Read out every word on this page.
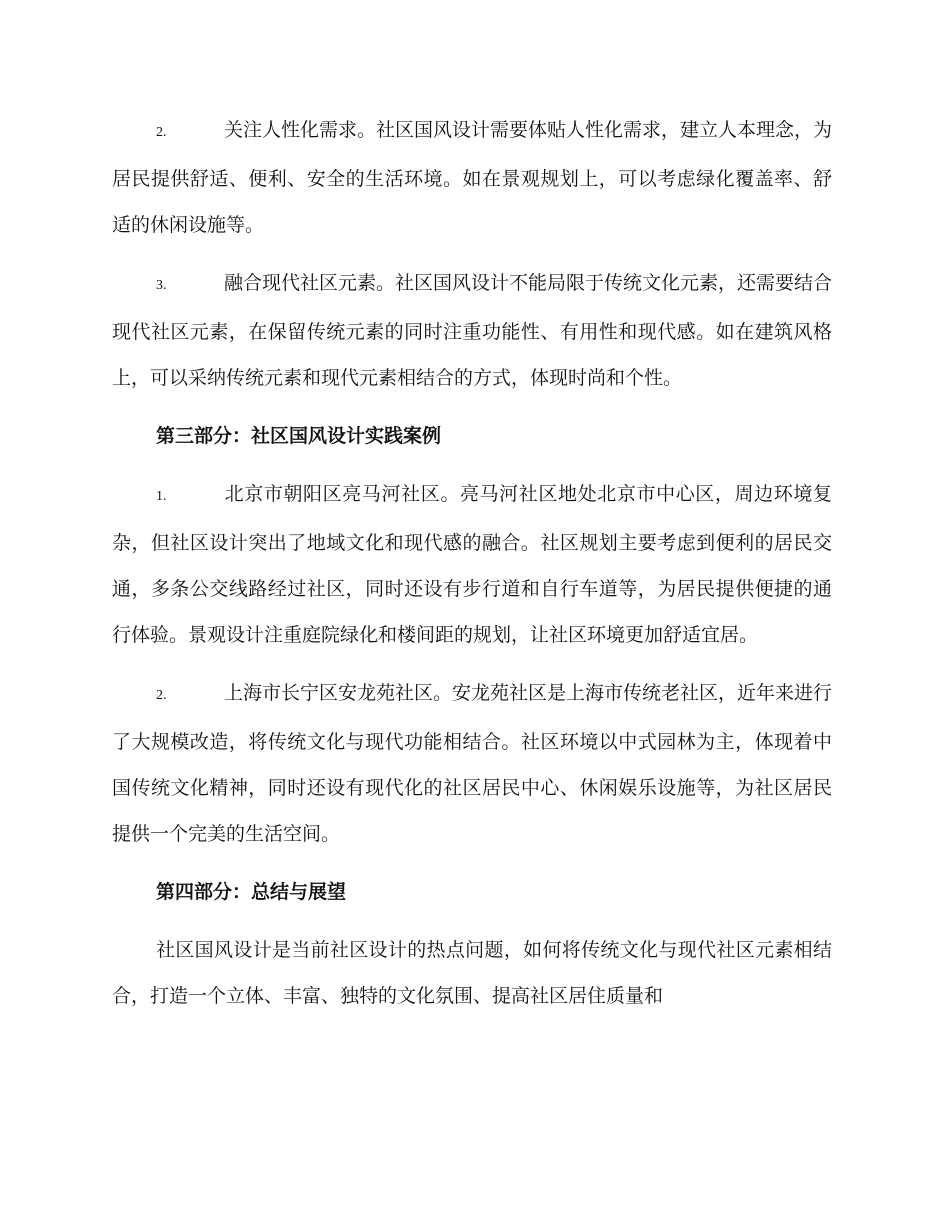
2.	关注人性化需求。社区国风设计需要体贴人性化需求，建立人本理念，为居民提供舒适、便利、安全的生活环境。如在景观规划上，可以考虑绿化覆盖率、舒适的休闲设施等。

3.	融合现代社区元素。社区国风设计不能局限于传统文化元素，还需要结合现代社区元素，在保留传统元素的同时注重功能性、有用性和现代感。如在建筑风格上，可以采纳传统元素和现代元素相结合的方式，体现时尚和个性。

第三部分：社区国风设计实践案例

1.	北京市朝阳区亮马河社区。亮马河社区地处北京市中心区，周边环境复杂，但社区设计突出了地域文化和现代感的融合。社区规划主要考虑到便利的居民交通，多条公交线路经过社区，同时还设有步行道和自行车道等，为居民提供便捷的通行体验。景观设计注重庭院绿化和楼间距的规划，让社区环境更加舒适宜居。

2.	上海市长宁区安龙苑社区。安龙苑社区是上海市传统老社区，近年来进行了大规模改造，将传统文化与现代功能相结合。社区环境以中式园林为主，体现着中国传统文化精神，同时还设有现代化的社区居民中心、休闲娱乐设施等，为社区居民提供一个完美的生活空间。

第四部分：总结与展望

社区国风设计是当前社区设计的热点问题，如何将传统文化与现代社区元素相结合，打造一个立体、丰富、独特的文化氛围、提高社区居住质量和
